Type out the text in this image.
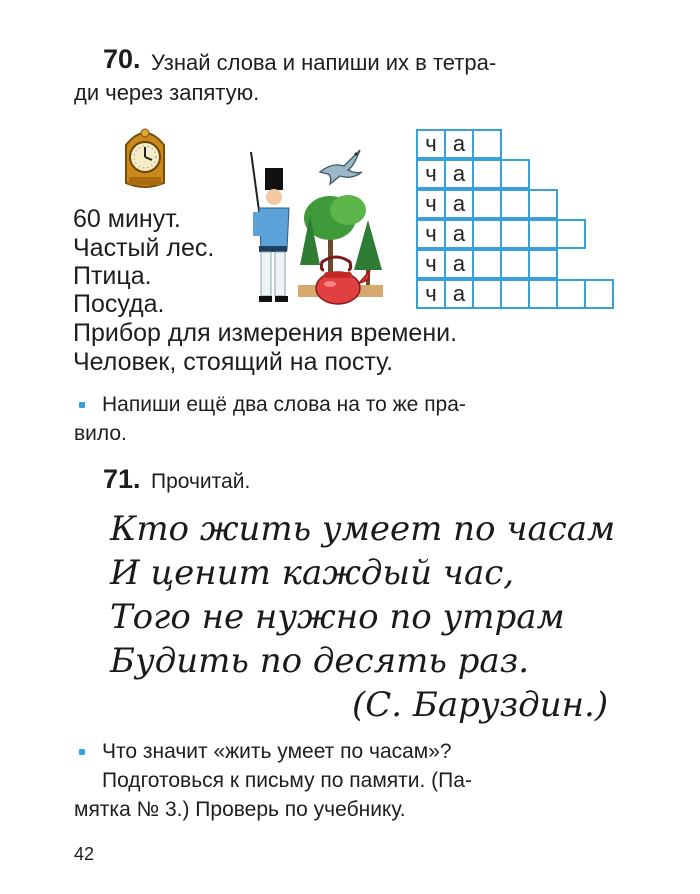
70. Узнай слова и напиши их в тетра-
ди через запятую.
ч а
ч а
ч а
ч а
ч а
ч а
60 минут.
Частый лес.
Птица.
Посуда.
Прибор для измерения времени.
Человек, стоящий на посту.
Напиши ещё два слова на то же пра-
вило.
71. Прочитай.
Кто жить умеет по часам
И ценит каждый час,
Того не нужно по утрам
Будить по десять раз.
(С. Баруздин.)
Что значит «жить умеет по часам»?
Подготовься к письму по памяти. (Па-
мятка № 3.) Проверь по учебнику.
42
